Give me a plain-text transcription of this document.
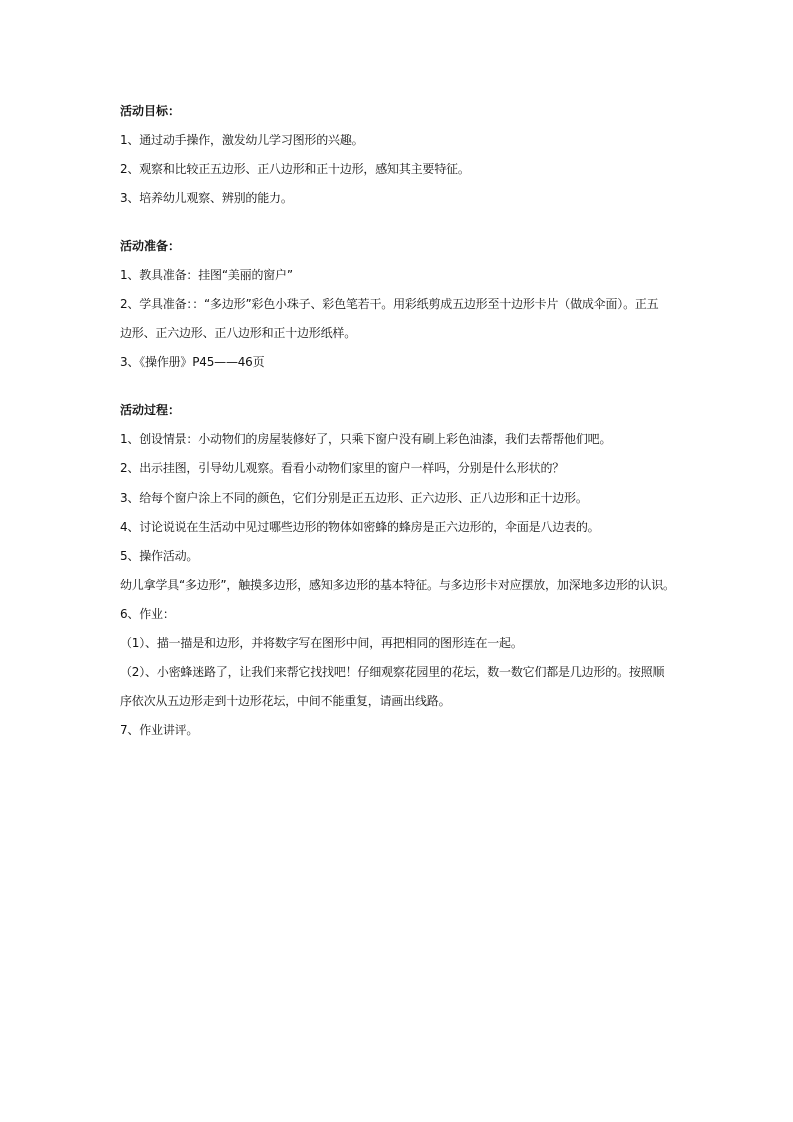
活动目标：
1、通过动手操作，激发幼儿学习图形的兴趣。
2、观察和比较正五边形、正八边形和正十边形，感知其主要特征。
3、培养幼儿观察、辨别的能力。
活动准备：
1、教具准备：挂图“美丽的窗户”
2、学具准备：：“多边形”彩色小珠子、彩色笔若干。用彩纸剪成五边形至十边形卡片（做成伞面）。正五
边形、正六边形、正八边形和正十边形纸样。
3、《操作册》P45——46页
活动过程：
1、创设情景：小动物们的房屋装修好了，只乘下窗户没有刷上彩色油漆，我们去帮帮他们吧。
2、出示挂图，引导幼儿观察。看看小动物们家里的窗户一样吗，分别是什么形状的？
3、给每个窗户涂上不同的颜色，它们分别是正五边形、正六边形、正八边形和正十边形。
4、讨论说说在生活动中见过哪些边形的物体如密蜂的蜂房是正六边形的，伞面是八边表的。
5、操作活动。
幼儿拿学具“多边形”，触摸多边形，感知多边形的基本特征。与多边形卡对应摆放，加深地多边形的认识。
6、作业：
（1）、描一描是和边形，并将数字写在图形中间，再把相同的图形连在一起。
（2）、小密蜂迷路了，让我们来帮它找找吧！仔细观察花园里的花坛，数一数它们都是几边形的。按照顺
序依次从五边形走到十边形花坛，中间不能重复，请画出线路。
7、作业讲评。
